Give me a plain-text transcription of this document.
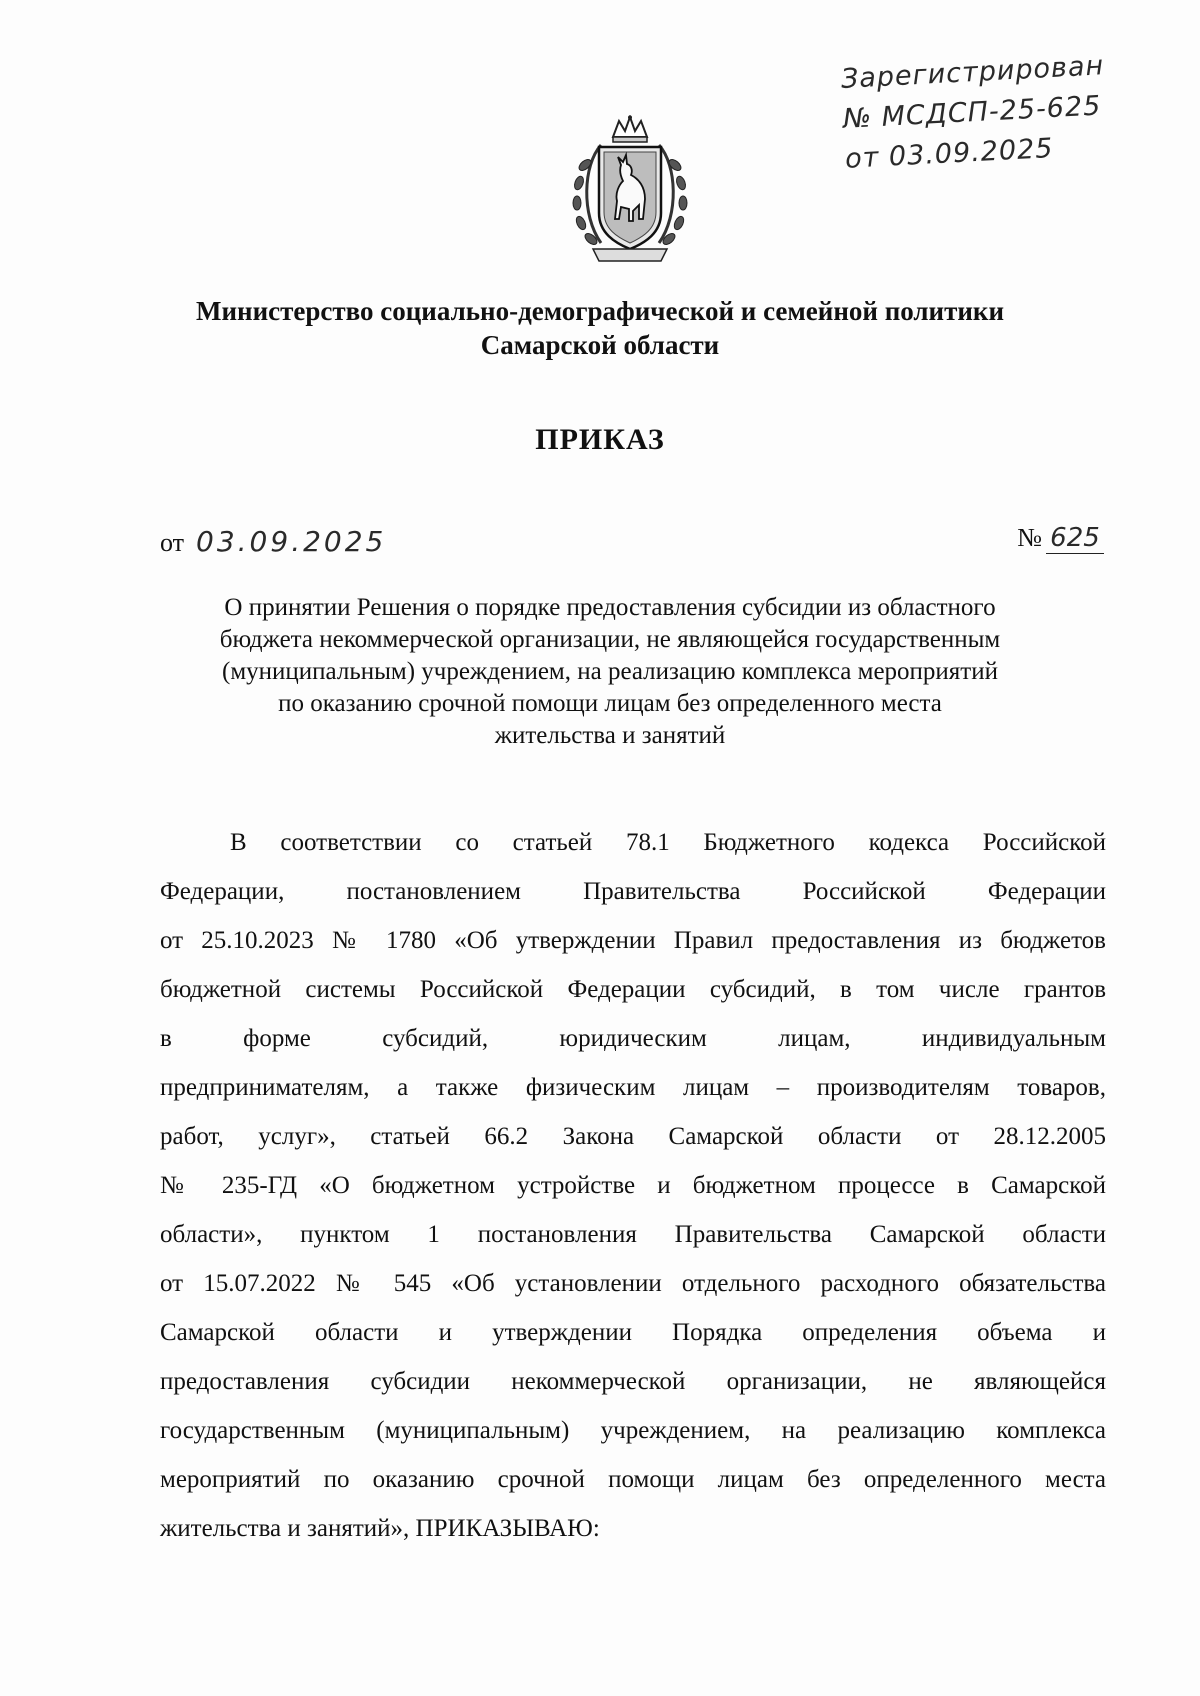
Зарегистрирован
№ МСДСП-25-625
от 03.09.2025
Министерство социально-демографической и семейной политики
Самарской области
ПРИКАЗ
от 03.09.2025	№ 625
О принятии Решения о порядке предоставления субсидии из областного
бюджета некоммерческой организации, не являющейся государственным
(муниципальным) учреждением, на реализацию комплекса мероприятий
по оказанию срочной помощи лицам без определенного места
жительства и занятий
В соответствии со статьей 78.1 Бюджетного кодекса Российской
Федерации, постановлением Правительства Российской Федерации
от 25.10.2023 № 1780 «Об утверждении Правил предоставления из бюджетов
бюджетной системы Российской Федерации субсидий, в том числе грантов
в форме субсидий, юридическим лицам, индивидуальным
предпринимателям, а также физическим лицам – производителям товаров,
работ, услуг», статьей 66.2 Закона Самарской области от 28.12.2005
№ 235-ГД «О бюджетном устройстве и бюджетном процессе в Самарской
области», пунктом 1 постановления Правительства Самарской области
от 15.07.2022 № 545 «Об установлении отдельного расходного обязательства
Самарской области и утверждении Порядка определения объема и
предоставления субсидии некоммерческой организации, не являющейся
государственным (муниципальным) учреждением, на реализацию комплекса
мероприятий по оказанию срочной помощи лицам без определенного места
жительства и занятий», ПРИКАЗЫВАЮ:
